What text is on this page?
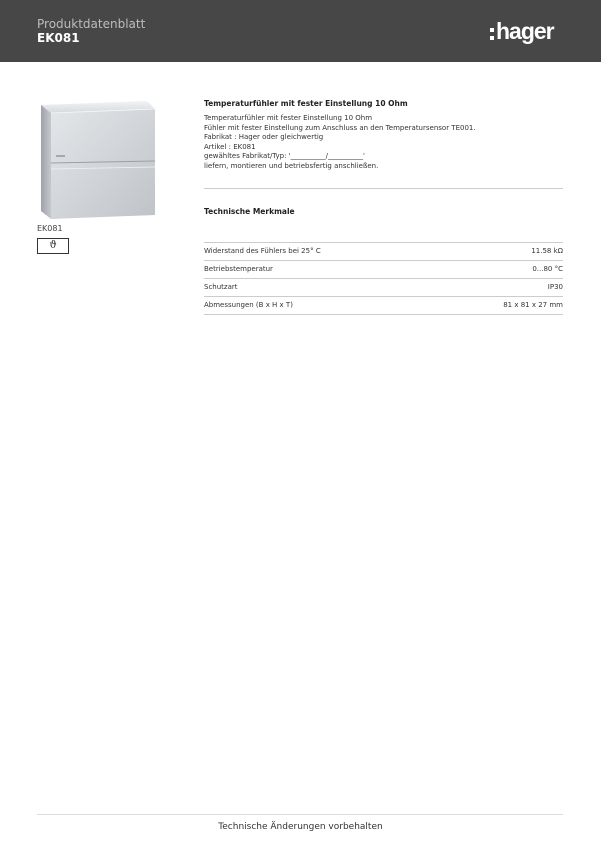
Produktdatenblatt
EK081	hager
EK081
ϑ
Temperaturfühler mit fester Einstellung 10 Ohm
Temperaturfühler mit fester Einstellung 10 Ohm
Fühler mit fester Einstellung zum Anschluss an den Temperatursensor TE001.
Fabrikat : Hager oder gleichwertig
Artikel : EK081
gewähltes Fabrikat/Typ: '__________/__________'
liefern, montieren und betriebsfertig anschließen.
Technische Merkmale
Widerstand des Fühlers bei 25° C	11.58 kΩ
Betriebstemperatur	0...80 °C
Schutzart	IP30
Abmessungen (B x H x T)	81 x 81 x 27 mm
Technische Änderungen vorbehalten
